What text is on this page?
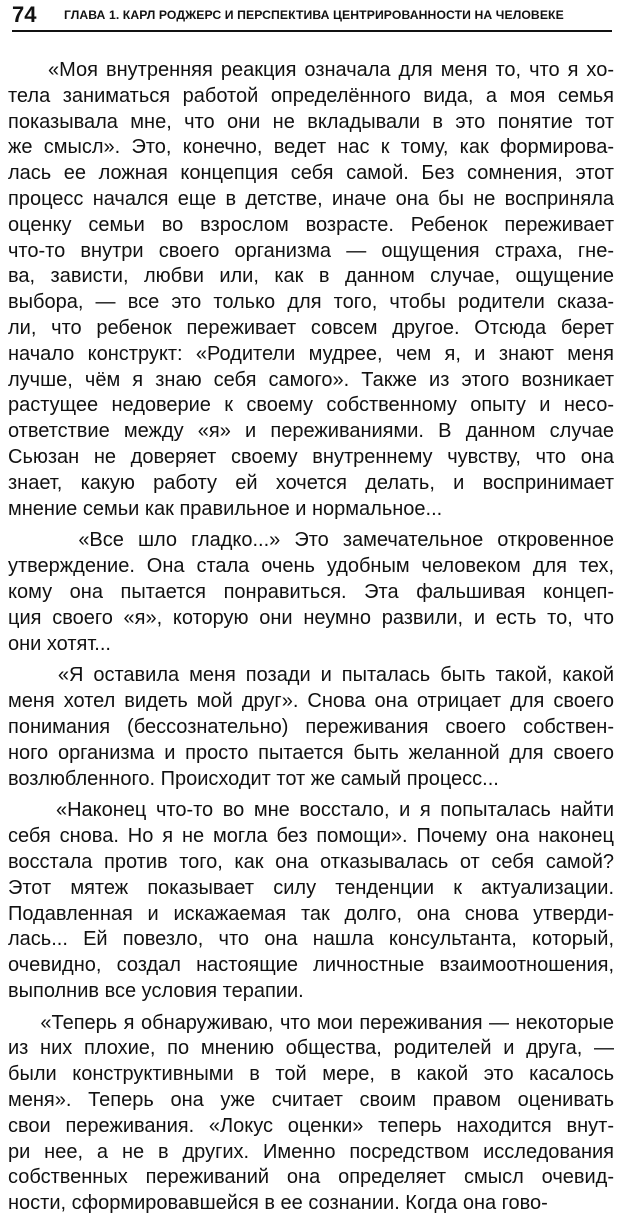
74 ГЛАВА 1. КАРЛ РОДЖЕРС И ПЕРСПЕКТИВА ЦЕНТРИРОВАННОСТИ НА ЧЕЛОВЕКЕ
«Моя внутренняя реакция означала для меня то, что я хо-
тела заниматься работой определённого вида, а моя семья
показывала мне, что они не вкладывали в это понятие тот
же смысл». Это, конечно, ведет нас к тому, как формирова-
лась ее ложная концепция себя самой. Без сомнения, этот
процесс начался еще в детстве, иначе она бы не восприняла
оценку семьи во взрослом возрасте. Ребенок переживает
что-то внутри своего организма — ощущения страха, гне-
ва, зависти, любви или, как в данном случае, ощущение
выбора, — все это только для того, чтобы родители сказа-
ли, что ребенок переживает совсем другое. Отсюда берет
начало конструкт: «Родители мудрее, чем я, и знают меня
лучше, чём я знаю себя самого». Также из этого возникает
растущее недоверие к своему собственному опыту и несо-
ответствие между «я» и переживаниями. В данном случае
Сьюзан не доверяет своему внутреннему чувству, что она
знает, какую работу ей хочется делать, и воспринимает
мнение семьи как правильное и нормальное...
«Все шло гладко...» Это замечательное откровенное
утверждение. Она стала очень удобным человеком для тех,
кому она пытается понравиться. Эта фальшивая концеп-
ция своего «я», которую они неумно развили, и есть то, что
они хотят...
«Я оставила меня позади и пыталась быть такой, какой
меня хотел видеть мой друг». Снова она отрицает для своего
понимания (бессознательно) переживания своего собствен-
ного организма и просто пытается быть желанной для своего
возлюбленного. Происходит тот же самый процесс...
«Наконец что-то во мне восстало, и я попыталась найти
себя снова. Но я не могла без помощи». Почему она наконец
восстала против того, как она отказывалась от себя самой?
Этот мятеж показывает силу тенденции к актуализации.
Подавленная и искажаемая так долго, она снова утверди-
лась... Ей повезло, что она нашла консультанта, который,
очевидно, создал настоящие личностные взаимоотношения,
выполнив все условия терапии.
«Теперь я обнаруживаю, что мои переживания — некоторые
из них плохие, по мнению общества, родителей и друга, —
были конструктивными в той мере, в какой это касалось
меня». Теперь она уже считает своим правом оценивать
свои переживания. «Локус оценки» теперь находится внут-
ри нее, а не в других. Именно посредством исследования
собственных переживаний она определяет смысл очевид-
ности, сформировавшейся в ее сознании. Когда она гово-
